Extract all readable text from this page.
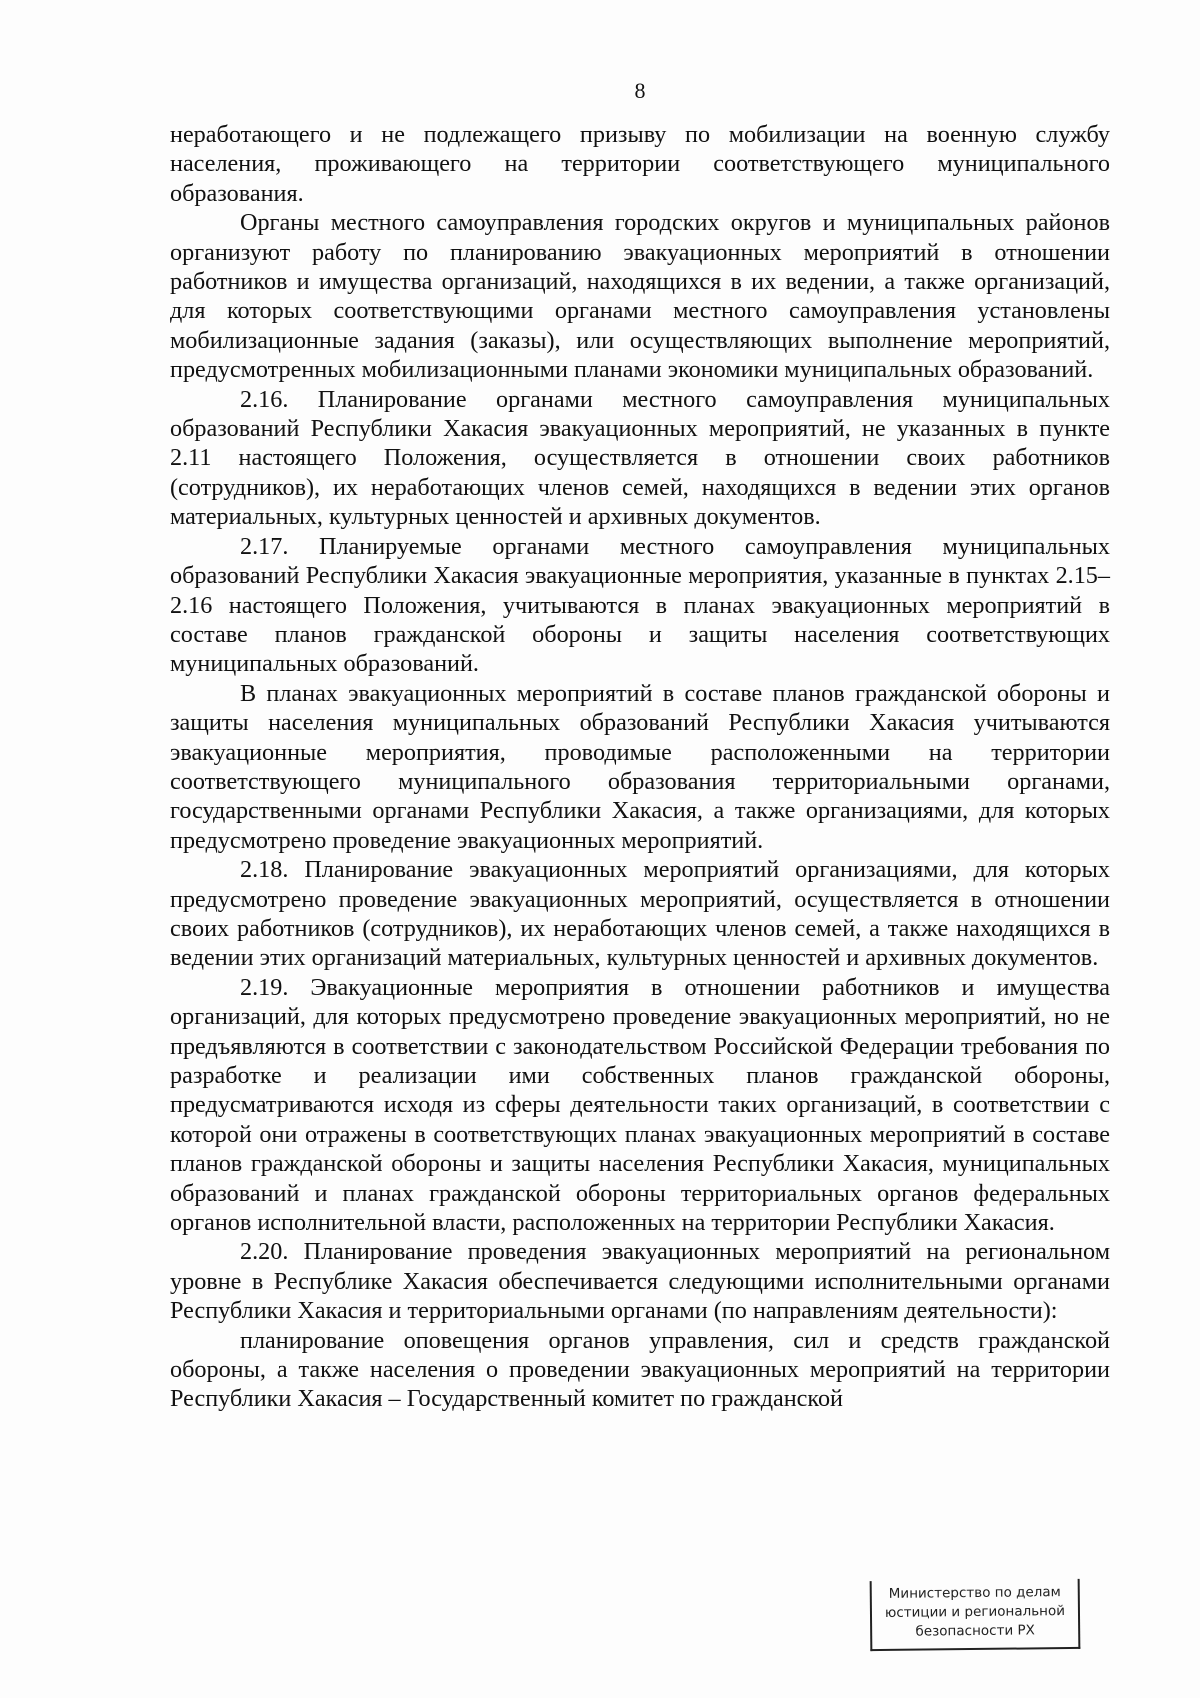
8

неработающего и не подлежащего призыву по мобилизации на военную службу населения, проживающего на территории соответствующего муниципального образования.

Органы местного самоуправления городских округов и муниципальных районов организуют работу по планированию эвакуационных мероприятий в отношении работников и имущества организаций, находящихся в их ведении, а также организаций, для которых соответствующими органами местного самоуправления установлены мобилизационные задания (заказы), или осуществляющих выполнение мероприятий, предусмотренных мобилизационными планами экономики муниципальных образований.

2.16. Планирование органами местного самоуправления муниципальных образований Республики Хакасия эвакуационных мероприятий, не указанных в пункте 2.11 настоящего Положения, осуществляется в отношении своих работников (сотрудников), их неработающих членов семей, находящихся в ведении этих органов материальных, культурных ценностей и архивных документов.

2.17. Планируемые органами местного самоуправления муниципальных образований Республики Хакасия эвакуационные мероприятия, указанные в пунктах 2.15–2.16 настоящего Положения, учитываются в планах эвакуационных мероприятий в составе планов гражданской обороны и защиты населения соответствующих муниципальных образований.

В планах эвакуационных мероприятий в составе планов гражданской обороны и защиты населения муниципальных образований Республики Хакасия учитываются эвакуационные мероприятия, проводимые расположенными на территории соответствующего муниципального образования территориальными органами, государственными органами Республики Хакасия, а также организациями, для которых предусмотрено проведение эвакуационных мероприятий.

2.18. Планирование эвакуационных мероприятий организациями, для которых предусмотрено проведение эвакуационных мероприятий, осуществляется в отношении своих работников (сотрудников), их неработающих членов семей, а также находящихся в ведении этих организаций материальных, культурных ценностей и архивных документов.

2.19. Эвакуационные мероприятия в отношении работников и имущества организаций, для которых предусмотрено проведение эвакуационных мероприятий, но не предъявляются в соответствии с законодательством Российской Федерации требования по разработке и реализации ими собственных планов гражданской обороны, предусматриваются исходя из сферы деятельности таких организаций, в соответствии с которой они отражены в соответствующих планах эвакуационных мероприятий в составе планов гражданской обороны и защиты населения Республики Хакасия, муниципальных образований и планах гражданской обороны территориальных органов федеральных органов исполнительной власти, расположенных на территории Республики Хакасия.

2.20. Планирование проведения эвакуационных мероприятий на региональном уровне в Республике Хакасия обеспечивается следующими исполнительными органами Республики Хакасия и территориальными органами (по направлениям деятельности):

планирование оповещения органов управления, сил и средств гражданской обороны, а также населения о проведении эвакуационных мероприятий на территории Республики Хакасия – Государственный комитет по гражданской

Министерство по делам
юстиции и региональной
безопасности РХ
